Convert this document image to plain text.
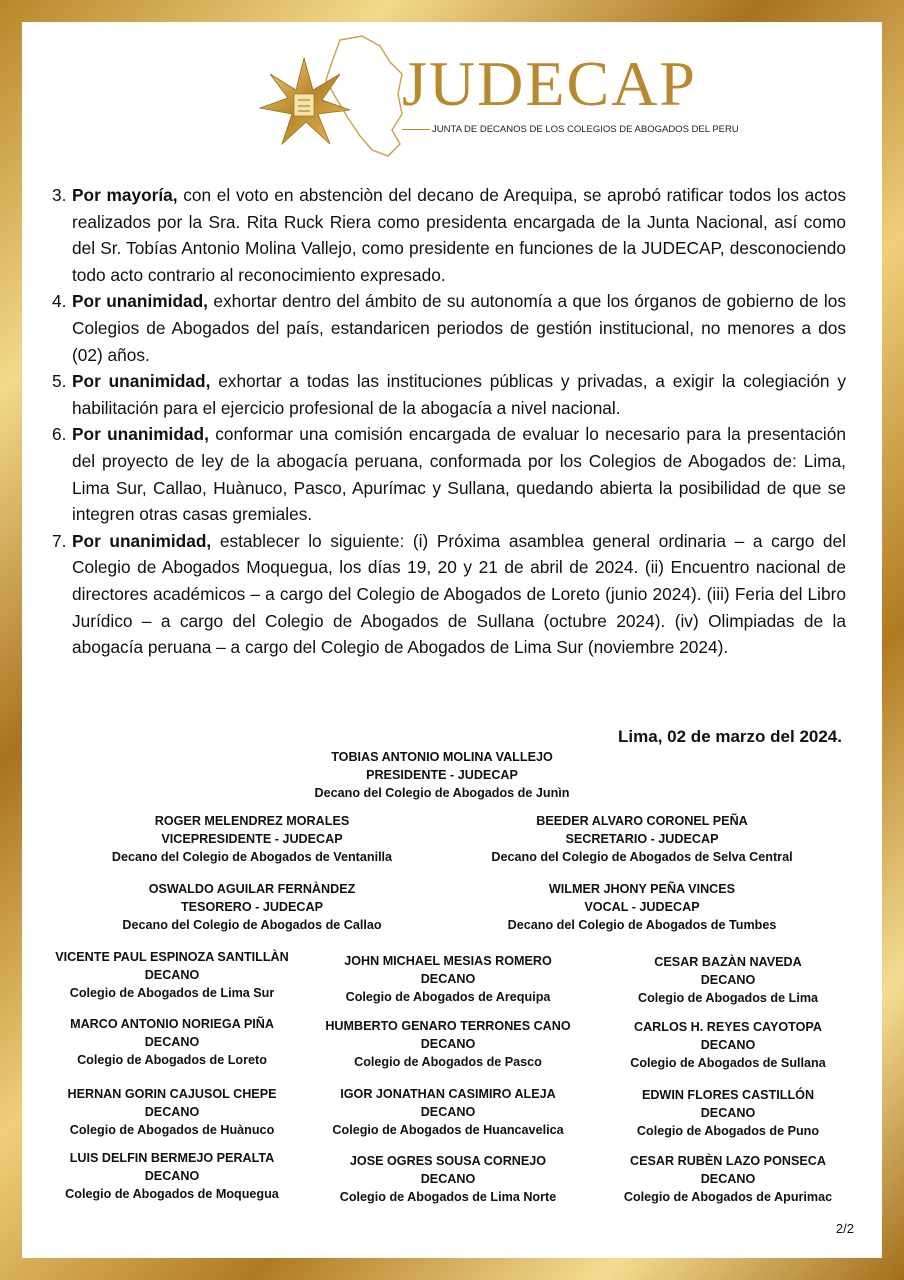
JUDECAP
JUNTA DE DECANOS DE LOS COLEGIOS DE ABOGADOS DEL PERU
3. Por mayoría, con el voto en abstenciòn del decano de Arequipa, se aprobó ratificar todos los actos realizados por la Sra. Rita Ruck Riera como presidenta encargada de la Junta Nacional, así como del Sr. Tobías Antonio Molina Vallejo, como presidente en funciones de la JUDECAP, desconociendo todo acto contrario al reconocimiento expresado.
4. Por unanimidad, exhortar dentro del ámbito de su autonomía a que los órganos de gobierno de los Colegios de Abogados del país, estandaricen periodos de gestión institucional, no menores a dos (02) años.
5. Por unanimidad, exhortar a todas las instituciones públicas y privadas, a exigir la colegiación y habilitación para el ejercicio profesional de la abogacía a nivel nacional.
6. Por unanimidad, conformar una comisión encargada de evaluar lo necesario para la presentación del proyecto de ley de la abogacía peruana, conformada por los Colegios de Abogados de: Lima, Lima Sur, Callao, Huànuco, Pasco, Apurímac y Sullana, quedando abierta la posibilidad de que se integren otras casas gremiales.
7. Por unanimidad, establecer lo siguiente: (i) Próxima asamblea general ordinaria – a cargo del Colegio de Abogados Moquegua, los días 19, 20 y 21 de abril de 2024. (ii) Encuentro nacional de directores académicos – a cargo del Colegio de Abogados de Loreto (junio 2024). (iii) Feria del Libro Jurídico – a cargo del Colegio de Abogados de Sullana (octubre 2024). (iv) Olimpiadas de la abogacía peruana – a cargo del Colegio de Abogados de Lima Sur (noviembre 2024).
Lima, 02 de marzo del 2024.
TOBIAS ANTONIO MOLINA VALLEJO
PRESIDENTE - JUDECAP
Decano del Colegio de Abogados de Junìn
ROGER MELENDREZ MORALES
VICEPRESIDENTE - JUDECAP
Decano del Colegio de Abogados de Ventanilla
BEEDER ALVARO CORONEL PEÑA
SECRETARIO - JUDECAP
Decano del Colegio de Abogados de Selva Central
OSWALDO AGUILAR FERNÀNDEZ
TESORERO - JUDECAP
Decano del Colegio de Abogados de Callao
WILMER JHONY PEÑA VINCES
VOCAL - JUDECAP
Decano del Colegio de Abogados de Tumbes
VICENTE PAUL ESPINOZA SANTILLÀN
DECANO
Colegio de Abogados de Lima Sur
JOHN MICHAEL MESIAS ROMERO
DECANO
Colegio de Abogados de Arequipa
CESAR BAZÀN NAVEDA
DECANO
Colegio de Abogados de Lima
MARCO ANTONIO NORIEGA PIÑA
DECANO
Colegio de Abogados de Loreto
HUMBERTO GENARO TERRONES CANO
DECANO
Colegio de Abogados de Pasco
CARLOS H. REYES CAYOTOPA
DECANO
Colegio de Abogados de Sullana
HERNAN GORIN CAJUSOL CHEPE
DECANO
Colegio de Abogados de Huànuco
IGOR JONATHAN CASIMIRO ALEJA
DECANO
Colegio de Abogados de Huancavelica
EDWIN FLORES CASTILLÓN
DECANO
Colegio de Abogados de Puno
LUIS DELFIN BERMEJO PERALTA
DECANO
Colegio de Abogados de Moquegua
JOSE OGRES SOUSA CORNEJO
DECANO
Colegio de Abogados de Lima Norte
CESAR RUBÈN LAZO PONSECA
DECANO
Colegio de Abogados de Apurimac
2/2
